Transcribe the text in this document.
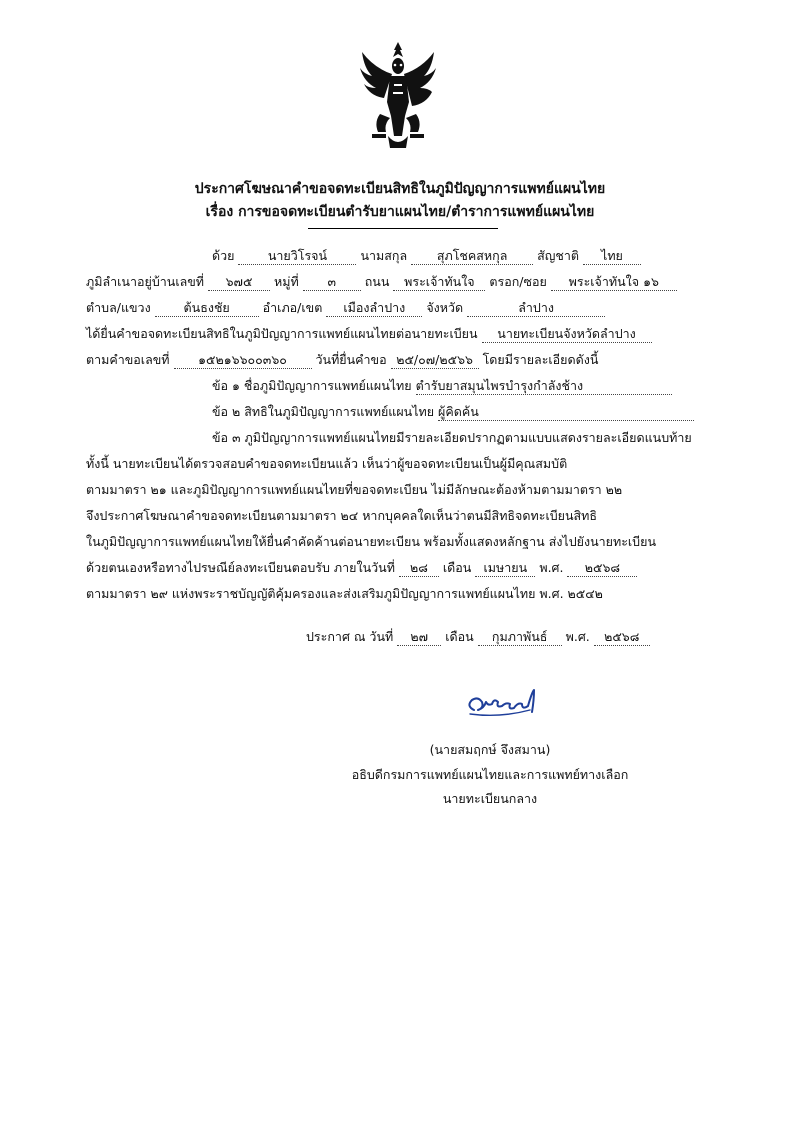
ประกาศโฆษณาคำขอจดทะเบียนสิทธิในภูมิปัญญาการแพทย์แผนไทย
เรื่อง การขอจดทะเบียนตำรับยาแผนไทย/ตำราการแพทย์แผนไทย
ด้วย	นายวิโรจน์	นามสกุล สุภโชคสหกุล สัญชาติ ไทย
ภูมิลำเนาอยู่บ้านเลขที่ ๖๗๕ หมู่ที่ ๓ ถนน พระเจ้าทันใจ ตรอก/ซอย พระเจ้าทันใจ ๑๖
ตำบล/แขวง	ต้นธงชัย	อำเภอ/เขต เมืองลำปาง จังหวัด	ลำปาง
ได้ยื่นคำขอจดทะเบียนสิทธิในภูมิปัญญาการแพทย์แผนไทยต่อนายทะเบียน นายทะเบียนจังหวัดลำปาง
ตามคำขอเลขที่ ๑๕๒๑๖๖๐๐๓๖๐ วันที่ยื่นคำขอ ๒๕/๐๗/๒๕๖๖ โดยมีรายละเอียดดังนี้
ข้อ ๑ ชื่อภูมิปัญญาการแพทย์แผนไทย ตำรับยาสมุนไพรบำรุงกำลังช้าง
ข้อ ๒ สิทธิในภูมิปัญญาการแพทย์แผนไทย ผู้คิดค้น
ข้อ ๓ ภูมิปัญญาการแพทย์แผนไทยมีรายละเอียดปรากฏตามแบบแสดงรายละเอียดแนบท้าย
ทั้งนี้ นายทะเบียนได้ตรวจสอบคำขอจดทะเบียนแล้ว เห็นว่าผู้ขอจดทะเบียนเป็นผู้มีคุณสมบัติ
ตามมาตรา ๒๑ และภูมิปัญญาการแพทย์แผนไทยที่ขอจดทะเบียน ไม่มีลักษณะต้องห้ามตามมาตรา ๒๒
จึงประกาศโฆษณาคำขอจดทะเบียนตามมาตรา ๒๔ หากบุคคลใดเห็นว่าตนมีสิทธิจดทะเบียนสิทธิ
ในภูมิปัญญาการแพทย์แผนไทยให้ยื่นคำคัดค้านต่อนายทะเบียน พร้อมทั้งแสดงหลักฐาน ส่งไปยังนายทะเบียน
ด้วยตนเองหรือทางไปรษณีย์ลงทะเบียนตอบรับ ภายในวันที่ ๒๘ เดือน เมษายน พ.ศ. ๒๕๖๘
ตามมาตรา ๒๙ แห่งพระราชบัญญัติคุ้มครองและส่งเสริมภูมิปัญญาการแพทย์แผนไทย พ.ศ. ๒๕๔๒
ประกาศ ณ วันที่ ๒๗ เดือน กุมภาพันธ์ พ.ศ. ๒๕๖๘
(นายสมฤกษ์ จึงสมาน)
อธิบดีกรมการแพทย์แผนไทยและการแพทย์ทางเลือก
นายทะเบียนกลาง
